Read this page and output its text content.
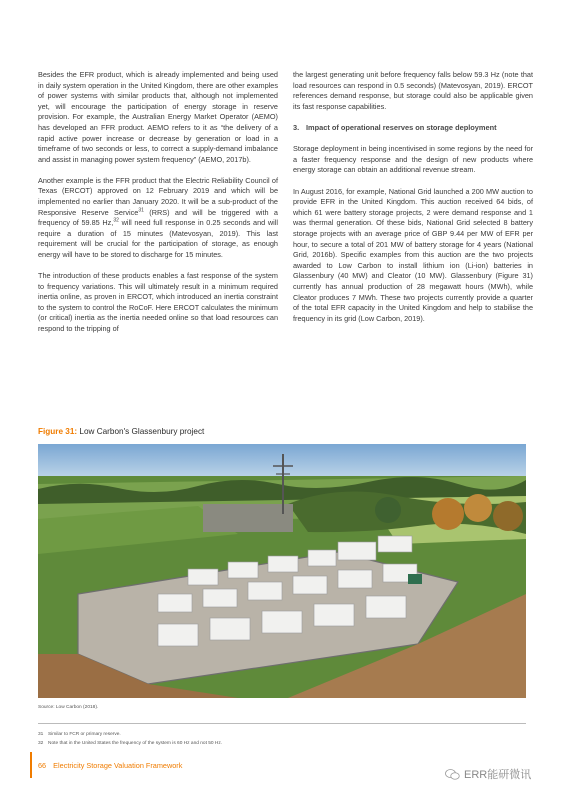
Besides the EFR product, which is already implemented and being used in daily system operation in the United Kingdom, there are other examples of power systems with similar products that, although not implemented yet, will encourage the participation of energy storage in reserve provision. For example, the Australian Energy Market Operator (AEMO) has developed an FFR product. AEMO refers to it as “the delivery of a rapid active power increase or decrease by generation or load in a timeframe of two seconds or less, to correct a supply-demand imbalance and assist in managing power system frequency” (AEMO, 2017b).

Another example is the FFR product that the Electric Reliability Council of Texas (ERCOT) approved on 12 February 2019 and which will be implemented no earlier than January 2020. It will be a sub-product of the Responsive Reserve Service$^{31}$ (RRS) and will be triggered with a frequency of 59.85 Hz,$^{32}$ will need full response in 0.25 seconds and will require a duration of 15 minutes (Matevosyan, 2019). This last requirement will be crucial for the participation of storage, as enough energy will have to be stored to discharge for 15 minutes.

The introduction of these products enables a fast response of the system to frequency variations. This will ultimately result in a minimum required inertia online, as proven in ERCOT, which introduced an inertia constraint to the system to control the RoCoF. Here ERCOT calculates the minimum (or critical) inertia as the inertia needed online so that load resources can respond to the tripping of

the largest generating unit before frequency falls below 59.3 Hz (note that load resources can respond in 0.5 seconds) (Matevosyan, 2019). ERCOT references demand response, but storage could also be applicable given its fast response capabilities.

3. Impact of operational reserves on storage deployment

Storage deployment in being incentivised in some regions by the need for a faster frequency response and the design of new products where energy storage can obtain an additional revenue stream.

In August 2016, for example, National Grid launched a 200 MW auction to provide EFR in the United Kingdom. This auction received 64 bids, of which 61 were battery storage projects, 2 were demand response and 1 was thermal generation. Of these bids, National Grid selected 8 battery storage projects with an average price of GBP 9.44 per MW of EFR per hour, to secure a total of 201 MW of battery storage for 4 years (National Grid, 2016b). Specific examples from this auction are the two projects awarded to Low Carbon to install lithium ion (Li-ion) batteries in Glassenbury (40 MW) and Cleator (10 MW). Glassenbury (Figure 31) currently has annual production of 28 megawatt hours (MWh), while Cleator produces 7 MWh. These two projects currently provide a quarter of the total EFR capacity in the United Kingdom and help to stabilise the frequency in its grid (Low Carbon, 2019).

Figure 31: Low Carbon's Glassenbury project
Source: Low Carbon (2018).
31 Similar to FCR or primary reserve.
32 Note that in the United States the frequency of the system is 60 Hz and not 50 Hz.
66 Electricity Storage Valuation Framework
ERR能研微讯
